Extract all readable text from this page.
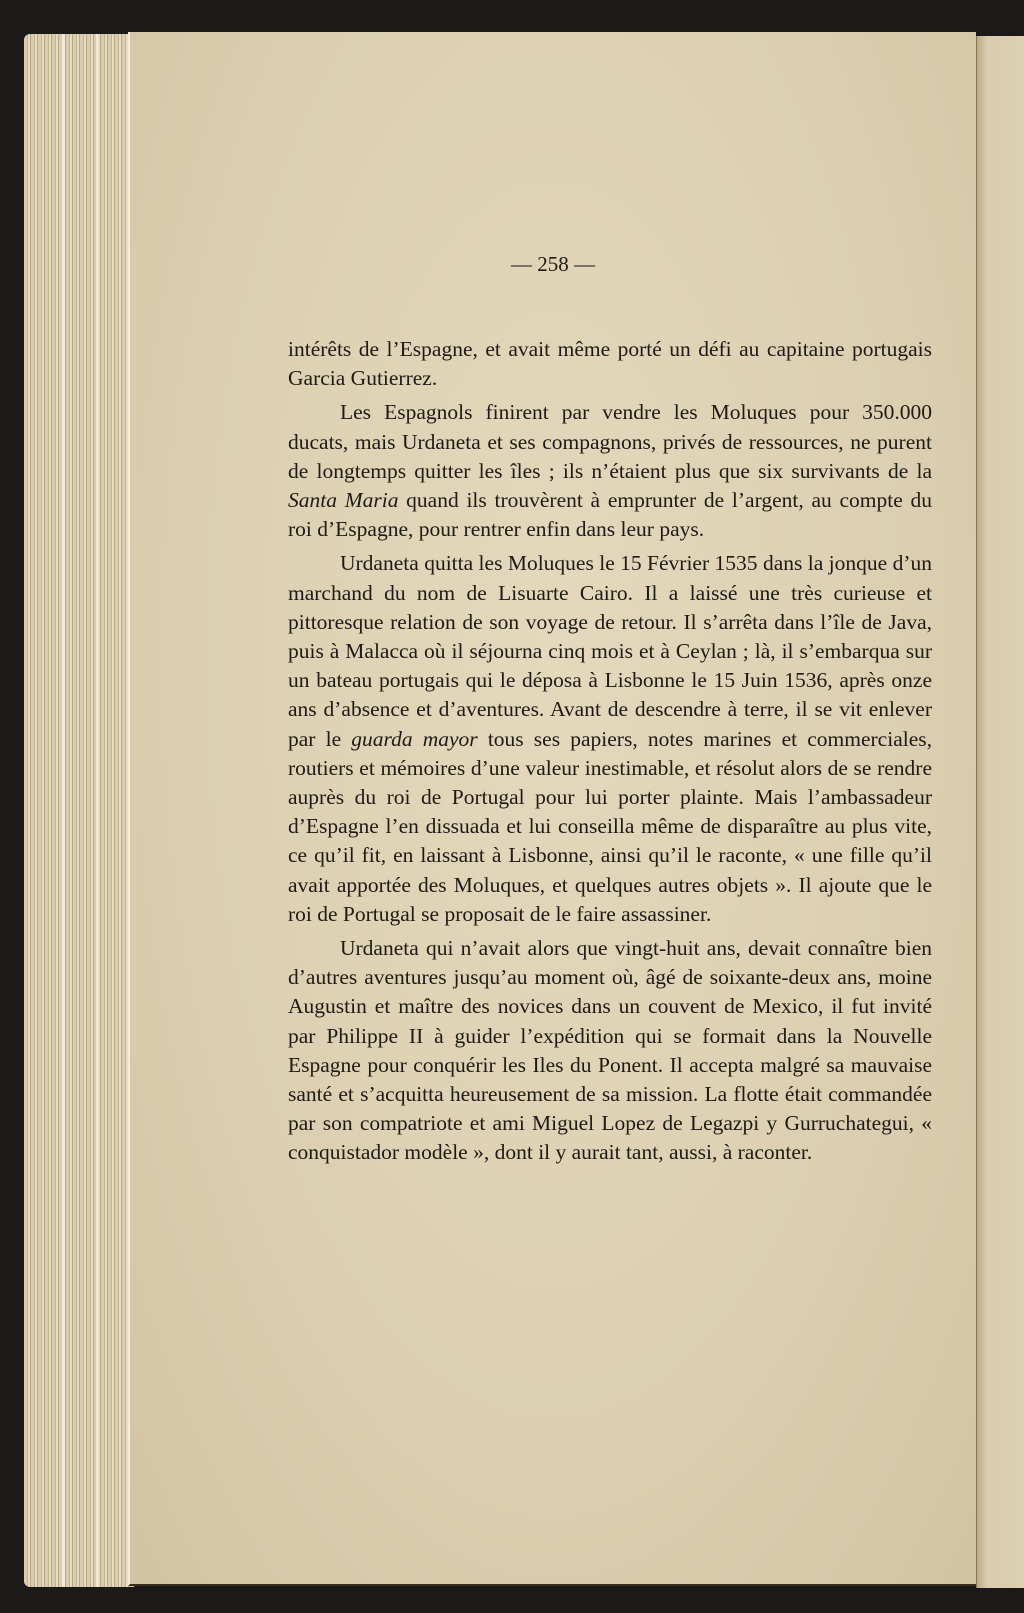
— 258 —

intérêts de l’Espagne, et avait même porté un défi au capitaine portugais Garcia Gutierrez.

Les Espagnols finirent par vendre les Moluques pour 350.000 ducats, mais Urdaneta et ses compagnons, privés de ressources, ne purent de longtemps quitter les îles ; ils n’étaient plus que six survivants de la Santa Maria quand ils trouvèrent à emprunter de l’argent, au compte du roi d’Espagne, pour rentrer enfin dans leur pays.

Urdaneta quitta les Moluques le 15 Février 1535 dans la jonque d’un marchand du nom de Lisuarte Cairo. Il a laissé une très curieuse et pittoresque relation de son voyage de retour. Il s’arrêta dans l’île de Java, puis à Malacca où il séjourna cinq mois et à Ceylan ; là, il s’embarqua sur un bateau portugais qui le déposa à Lisbonne le 15 Juin 1536, après onze ans d’absence et d’aventures. Avant de descendre à terre, il se vit enlever par le guarda mayor tous ses papiers, notes marines et commerciales, routiers et mémoires d’une valeur inestimable, et résolut alors de se rendre auprès du roi de Portugal pour lui porter plainte. Mais l’ambassadeur d’Espagne l’en dissuada et lui conseilla même de disparaître au plus vite, ce qu’il fit, en laissant à Lisbonne, ainsi qu’il le raconte, « une fille qu’il avait apportée des Moluques, et quelques autres objets ». Il ajoute que le roi de Portugal se proposait de le faire assassiner.

Urdaneta qui n’avait alors que vingt-huit ans, devait connaître bien d’autres aventures jusqu’au moment où, âgé de soixante-deux ans, moine Augustin et maître des novices dans un couvent de Mexico, il fut invité par Philippe II à guider l’expédition qui se formait dans la Nouvelle Espagne pour conquérir les Iles du Ponent. Il accepta malgré sa mauvaise santé et s’acquitta heureusement de sa mission. La flotte était commandée par son compatriote et ami Miguel Lopez de Legazpi y Gurruchategui, « conquistador modèle », dont il y aurait tant, aussi, à raconter.
